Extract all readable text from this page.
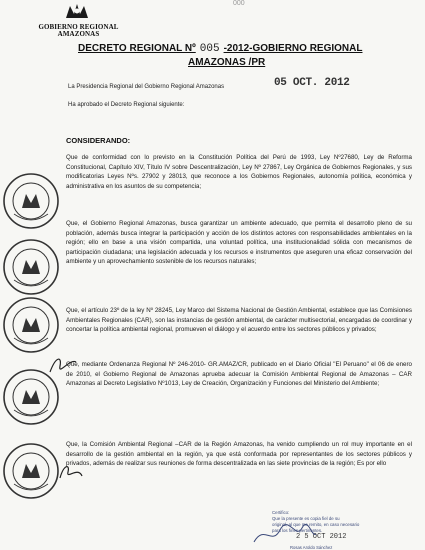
GOBIERNO REGIONAL
AMAZONAS
000
DECRETO REGIONAL Nº 005 -2012-GOBIERNO REGIONAL
AMAZONAS /PR
La Presidencia Regional del Gobierno Regional Amazonas	05 OCT. 2012
Ha aprobado el Decreto Regional siguiente:
CONSIDERANDO:
Que de conformidad con lo previsto en la Constitución Política del Perú de 1993, Ley Nº27680, Ley de Reforma Constitucional, Capítulo XIV, Título IV sobre Descentralización, Ley Nº 27867, Ley Orgánica de Gobiernos Regionales, y sus modificatorias Leyes Nºs. 27902 y 28013, que reconoce a los Gobiernos Regionales, autonomía política, económica y administrativa en los asuntos de su competencia;
Que, el Gobierno Regional Amazonas, busca garantizar un ambiente adecuado, que permita el desarrollo pleno de su población, además busca integrar la participación y acción de los distintos actores con responsabilidades ambientales en la región; ello en base a una visión compartida, una voluntad política, una institucionalidad sólida con mecanismos de participación ciudadana; una legislación adecuada y los recursos e instrumentos que aseguren una eficaz conservación del ambiente y un aprovechamiento sostenible de los recursos naturales;
Que, el artículo 23º de la ley Nº 28245, Ley Marco del Sistema Nacional de Gestión Ambiental, establece que las Comisiones Ambientales Regionales (CAR), son las instancias de gestión ambiental, de carácter multisectorial, encargadas de coordinar y concertar la política ambiental regional, promueven el diálogo y el acuerdo entre los sectores públicos y privados;
Que, mediante Ordenanza Regional Nº 246-2010- GR.AMAZ/CR, publicado en el Diario Oficial "El Peruano" el 06 de enero de 2010, el Gobierno Regional de Amazonas aprueba adecuar la Comisión Ambiental Regional de Amazonas – CAR Amazonas al Decreto Legislativo Nº1013, Ley de Creación, Organización y Funciones del Ministerio del Ambiente;
Que, la Comisión Ambiental Regional –CAR de la Región Amazonas, ha venido cumpliendo un rol muy importante en el desarrollo de la gestión ambiental en la región, ya que está conformada por representantes de los sectores públicos y privados, además de realizar sus reuniones de forma descentralizada en las siete provincias de la región; Es por ello
Certifico:
Que la presente es copia fiel de su
original, al que me remito, en caso necesario
para los fines pertinentes.
2 5 OCT 2012
Rosas Aroldo Sánchez
